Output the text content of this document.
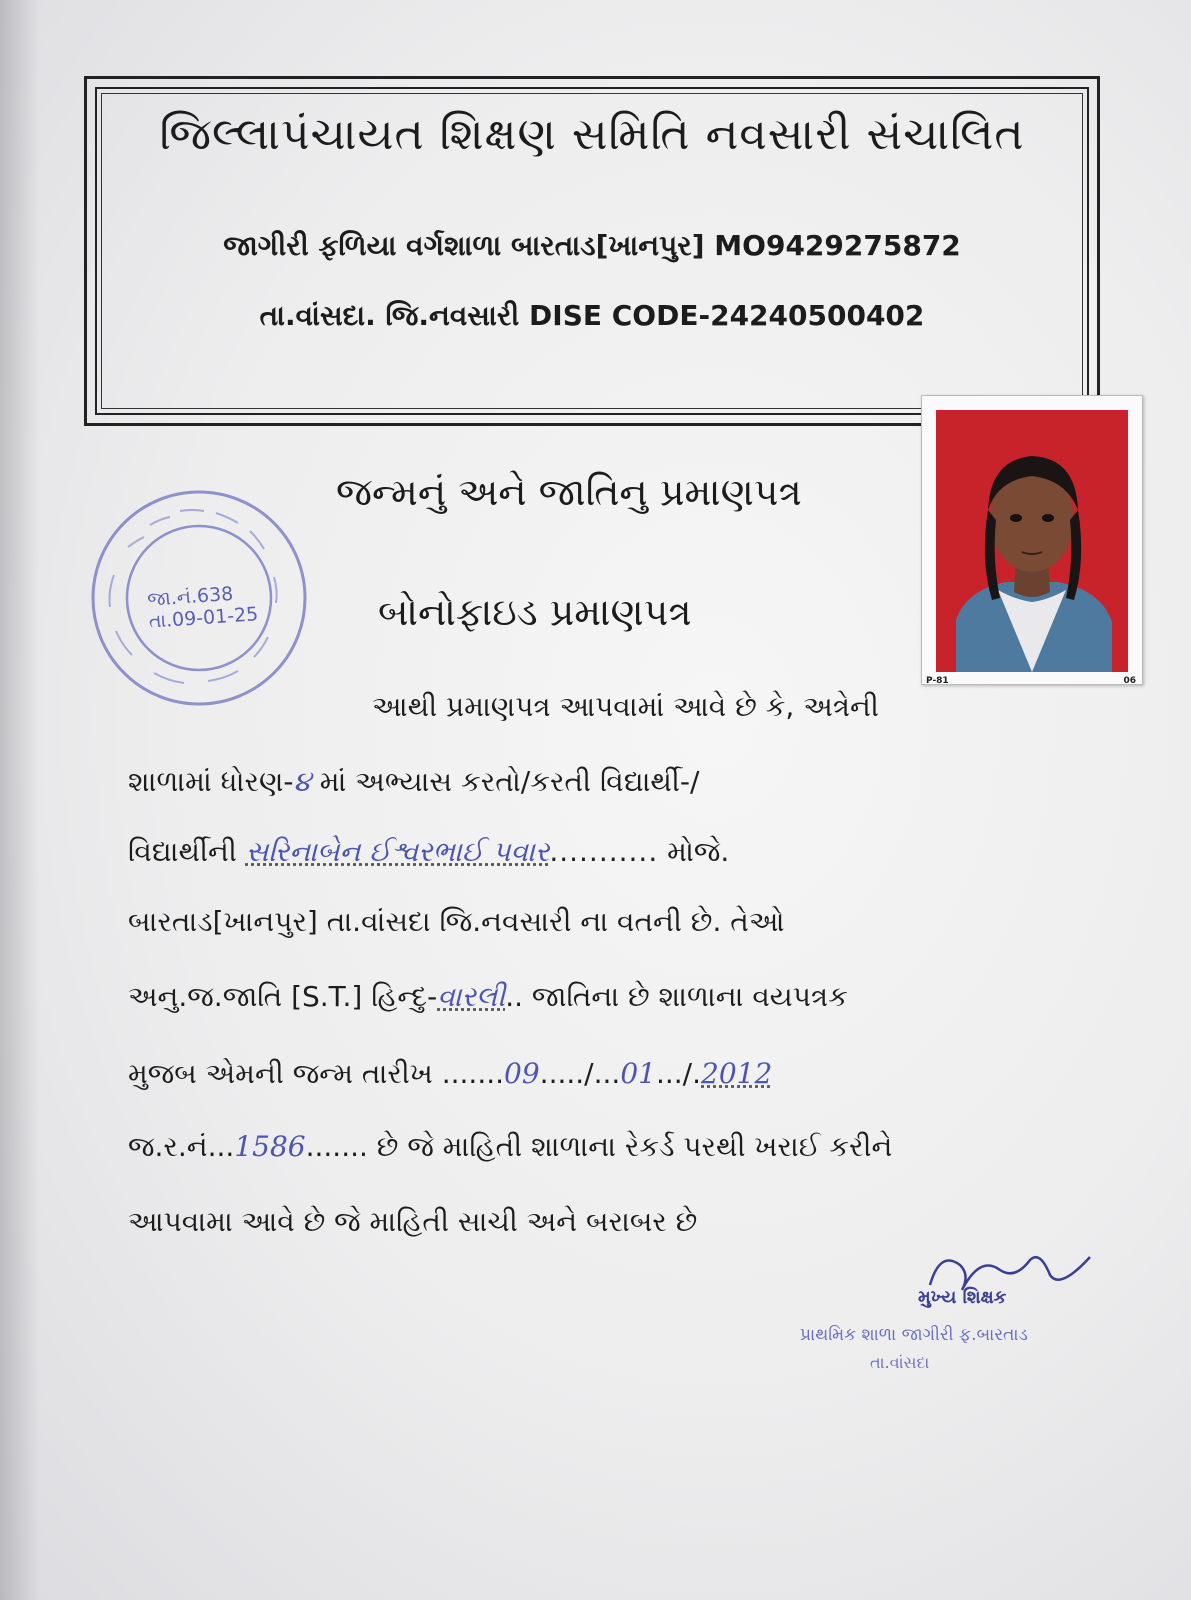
જિલ્લાપંચાયત શિક્ષણ સમિતિ નવસારી સંચાલિત
જાગીરી ફળિયા વર્ગશાળા બારતાડ[ખાનપુર] MO9429275872
તા.વાંસદા. જિ.નવસારી DISE CODE-24240500402
જા.નં.638
તા.09-01-25
P-81	06
જન્મનું અને જાતિનુ પ્રમાણપત્ર
બોનોફાઇડ પ્રમાણપત્ર
આથી પ્રમાણપત્ર આપવામાં આવે છે કે, અત્રેની
શાળામાં ધોરણ-૪ માં અભ્યાસ કરતો/કરતી વિદ્યાર્થી-/
વિદ્યાર્થીની સરિનાબેન ઈશ્વરભાઈ પવાર........... મોજે.
બારતાડ[ખાનપુર] તા.વાંસદા જિ.નવસારી ના વતની છે. તેઓ
અનુ.જ.જાતિ [S.T.] હિન્દુ-વારલી.. જાતિના છે શાળાના વયપત્રક
મુજબ એમની જન્મ તારીખ .......09...../...01.../.2012
જ.ર.નં...1586....... છે જે માહિતી શાળાના રેકર્ડ પરથી ખરાઈ કરીને
આપવામા આવે છે જે માહિતી સાચી અને બરાબર છે
મુખ્ય શિક્ષક
પ્રાથમિક શાળા જાગીરી ફ.બારતાડ
તા.વાંસદા
